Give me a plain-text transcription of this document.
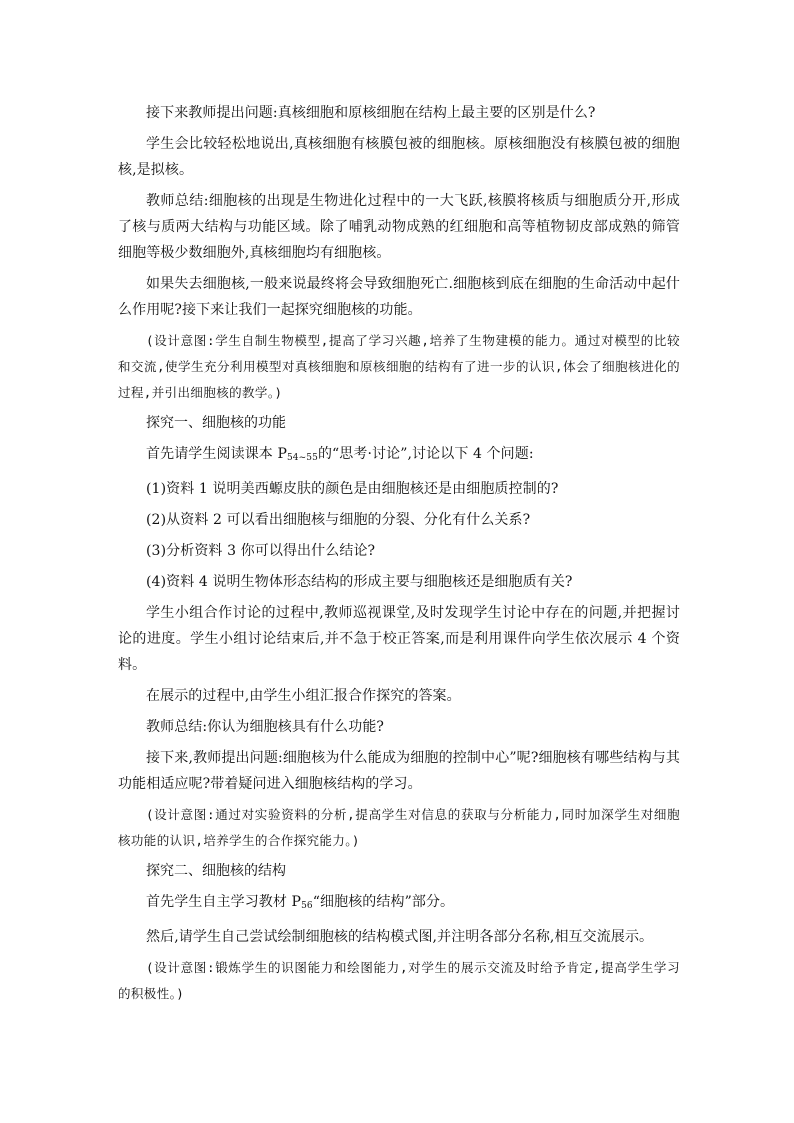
接下来教师提出问题:真核细胞和原核细胞在结构上最主要的区别是什么?

学生会比较轻松地说出,真核细胞有核膜包被的细胞核。原核细胞没有核膜包被的细胞核,是拟核。

教师总结:细胞核的出现是生物进化过程中的一大飞跃,核膜将核质与细胞质分开,形成了核与质两大结构与功能区域。除了哺乳动物成熟的红细胞和高等植物韧皮部成熟的筛管细胞等极少数细胞外,真核细胞均有细胞核。

如果失去细胞核,一般来说最终将会导致细胞死亡.细胞核到底在细胞的生命活动中起什么作用呢?接下来让我们一起探究细胞核的功能。

(设计意图:学生自制生物模型,提高了学习兴趣,培养了生物建模的能力。通过对模型的比较和交流,使学生充分利用模型对真核细胞和原核细胞的结构有了进一步的认识,体会了细胞核进化的过程,并引出细胞核的教学。)

探究一、细胞核的功能

首先请学生阅读课本 $P_{54\sim 55}$的“思考·讨论”,讨论以下 4 个问题:

(1)资料 1 说明美西螈皮肤的颜色是由细胞核还是由细胞质控制的?

(2)从资料 2 可以看出细胞核与细胞的分裂、分化有什么关系?

(3)分析资料 3 你可以得出什么结论?

(4)资料 4 说明生物体形态结构的形成主要与细胞核还是细胞质有关?

学生小组合作讨论的过程中,教师巡视课堂,及时发现学生讨论中存在的问题,并把握讨论的进度。学生小组讨论结束后,并不急于校正答案,而是利用课件向学生依次展示 4 个资料。

在展示的过程中,由学生小组汇报合作探究的答案。

教师总结:你认为细胞核具有什么功能?

接下来,教师提出问题:细胞核为什么能成为细胞的控制中心”呢?细胞核有哪些结构与其功能相适应呢?带着疑问进入细胞核结构的学习。

(设计意图:通过对实验资料的分析,提高学生对信息的获取与分析能力,同时加深学生对细胞核功能的认识,培养学生的合作探究能力。)

探究二、细胞核的结构

首先学生自主学习教材 $P_{56}“$细胞核的结构”部分。

然后,请学生自己尝试绘制细胞核的结构模式图,并注明各部分名称,相互交流展示。

(设计意图:锻炼学生的识图能力和绘图能力,对学生的展示交流及时给予肯定,提高学生学习的积极性。)
